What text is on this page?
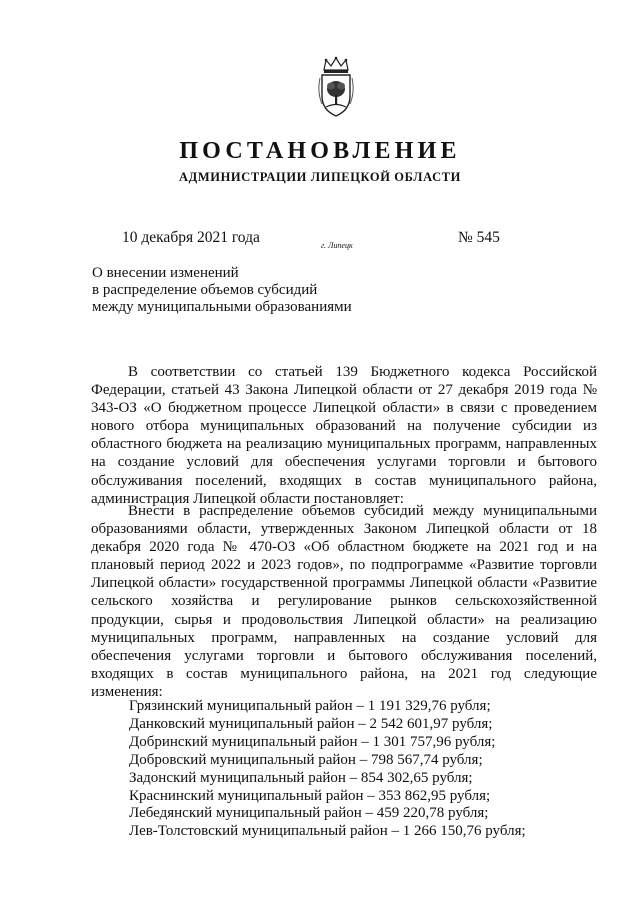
ПОСТАНОВЛЕНИЕ
АДМИНИСТРАЦИИ ЛИПЕЦКОЙ ОБЛАСТИ
10 декабря 2021 года	г. Липецк	№ 545
О внесении изменений
в распределение объемов субсидий
между муниципальными образованиями

В соответствии со статьей 139 Бюджетного кодекса Российской Федерации, статьей 43 Закона Липецкой области от 27 декабря 2019 года № 343-ОЗ «О бюджетном процессе Липецкой области» в связи с проведением нового отбора муниципальных образований на получение субсидии из областного бюджета на реализацию муниципальных программ, направленных на создание условий для обеспечения услугами торговли и бытового обслуживания поселений, входящих в состав муниципального района, администрация Липецкой области постановляет:

Внести в распределение объемов субсидий между муниципальными образованиями области, утвержденных Законом Липецкой области от 18 декабря 2020 года № 470-ОЗ «Об областном бюджете на 2021 год и на плановый период 2022 и 2023 годов», по подпрограмме «Развитие торговли Липецкой области» государственной программы Липецкой области «Развитие сельского хозяйства и регулирование рынков сельскохозяйственной продукции, сырья и продовольствия Липецкой области» на реализацию муниципальных программ, направленных на создание условий для обеспечения услугами торговли и бытового обслуживания поселений, входящих в состав муниципального района, на 2021 год следующие изменения:

Грязинский муниципальный район – 1 191 329,76 рубля;
Данковский муниципальный район – 2 542 601,97 рубля;
Добринский муниципальный район – 1 301 757,96 рубля;
Добровский муниципальный район – 798 567,74 рубля;
Задонский муниципальный район – 854 302,65 рубля;
Краснинский муниципальный район – 353 862,95 рубля;
Лебедянский муниципальный район – 459 220,78 рубля;
Лев-Толстовский муниципальный район – 1 266 150,76 рубля;
